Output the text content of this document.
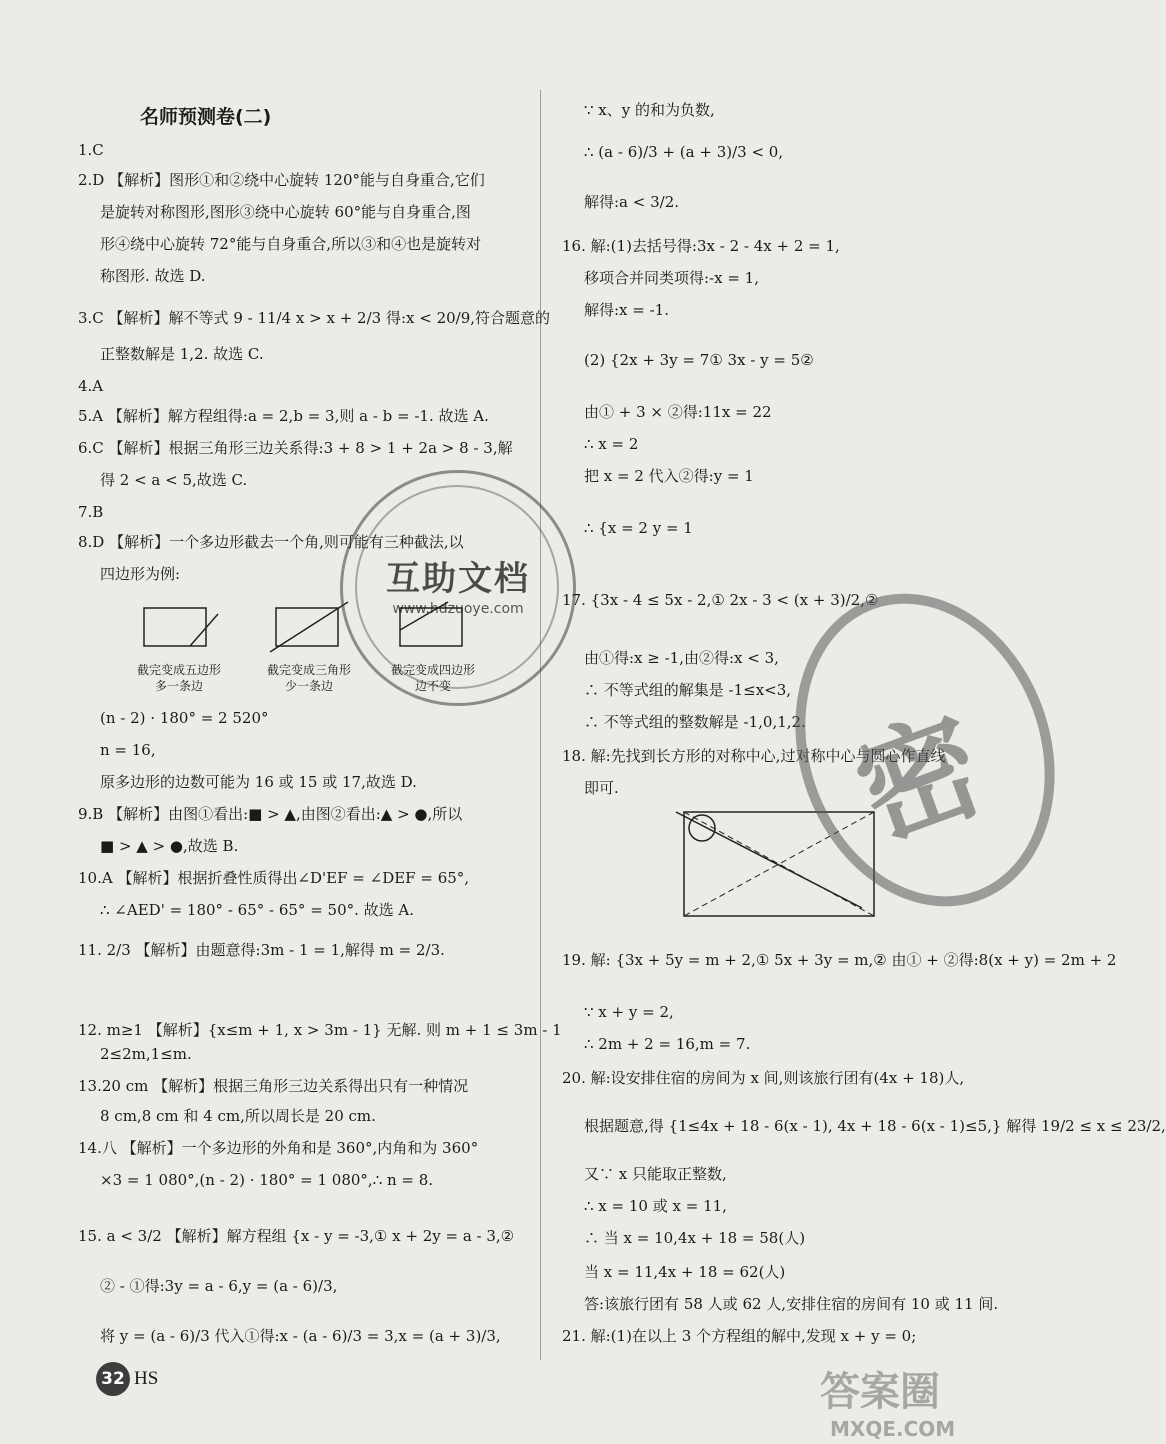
名师预测卷(二)
1.C
2.D 【解析】图形①和②绕中心旋转 120°能与自身重合,它们
是旋转对称图形,图形③绕中心旋转 60°能与自身重合,图
形④绕中心旋转 72°能与自身重合,所以③和④也是旋转对
称图形. 故选 D.
3.C 【解析】解不等式 9 - 11/4 x > x + 2/3 得:x < 20/9,符合题意的
正整数解是 1,2. 故选 C.
4.A
5.A 【解析】解方程组得:a = 2,b = 3,则 a - b = -1. 故选 A.
6.C 【解析】根据三角形三边关系得:3 + 8 > 1 + 2a > 8 - 3,解
得 2 < a < 5,故选 C.
7.B
8.D 【解析】一个多边形截去一个角,则可能有三种截法,以
四边形为例:
截完变成五边形
多一条边
截完变成三角形
少一条边
截完变成四边形
边不变
(n - 2) · 180° = 2 520°
n = 16,
原多边形的边数可能为 16 或 15 或 17,故选 D.
9.B 【解析】由图①看出:■ > ▲,由图②看出:▲ > ●,所以
■ > ▲ > ●,故选 B.
10.A 【解析】根据折叠性质得出∠D'EF = ∠DEF = 65°,
∴ ∠AED' = 180° - 65° - 65° = 50°. 故选 A.
11. 2/3 【解析】由题意得:3m - 1 = 1,解得 m = 2/3.
12. m≥1 【解析】{x≤m + 1, x > 3m - 1} 无解. 则 m + 1 ≤ 3m - 1
2≤2m,1≤m.
13.20 cm 【解析】根据三角形三边关系得出只有一种情况
8 cm,8 cm 和 4 cm,所以周长是 20 cm.
14.八 【解析】一个多边形的外角和是 360°,内角和为 360°
×3 = 1 080°,(n - 2) · 180° = 1 080°,∴ n = 8.
15. a < 3/2 【解析】解方程组 {x - y = -3,① x + 2y = a - 3,②
② - ①得:3y = a - 6,y = (a - 6)/3,
将 y = (a - 6)/3 代入①得:x - (a - 6)/3 = 3,x = (a + 3)/3,
∵ x、y 的和为负数,
∴ (a - 6)/3 + (a + 3)/3 < 0,
解得:a < 3/2.
16. 解:(1)去括号得:3x - 2 - 4x + 2 = 1,
移项合并同类项得:-x = 1,
解得:x = -1.
(2) {2x + 3y = 7① 3x - y = 5②
由① + 3 × ②得:11x = 22
∴ x = 2
把 x = 2 代入②得:y = 1
∴ {x = 2 y = 1
17. {3x - 4 ≤ 5x - 2,① 2x - 3 < (x + 3)/2,②
由①得:x ≥ -1,由②得:x < 3,
∴ 不等式组的解集是 -1≤x<3,
∴ 不等式组的整数解是 -1,0,1,2.
18. 解:先找到长方形的对称中心,过对称中心与圆心作直线
即可.
19. 解: {3x + 5y = m + 2,① 5x + 3y = m,② 由① + ②得:8(x + y) = 2m + 2
∵ x + y = 2,
∴ 2m + 2 = 16,m = 7.
20. 解:设安排住宿的房间为 x 间,则该旅行团有(4x + 18)人,
根据题意,得 {1≤4x + 18 - 6(x - 1), 4x + 18 - 6(x - 1)≤5,} 解得 19/2 ≤ x ≤ 23/2,
又∵ x 只能取正整数,
∴ x = 10 或 x = 11,
∴ 当 x = 10,4x + 18 = 58(人)
当 x = 11,4x + 18 = 62(人)
答:该旅行团有 58 人或 62 人,安排住宿的房间有 10 或 11 间.
21. 解:(1)在以上 3 个方程组的解中,发现 x + y = 0;
互助文档
www.hdzuoye.com
密
32 HS	答案圈
MXQE.COM
